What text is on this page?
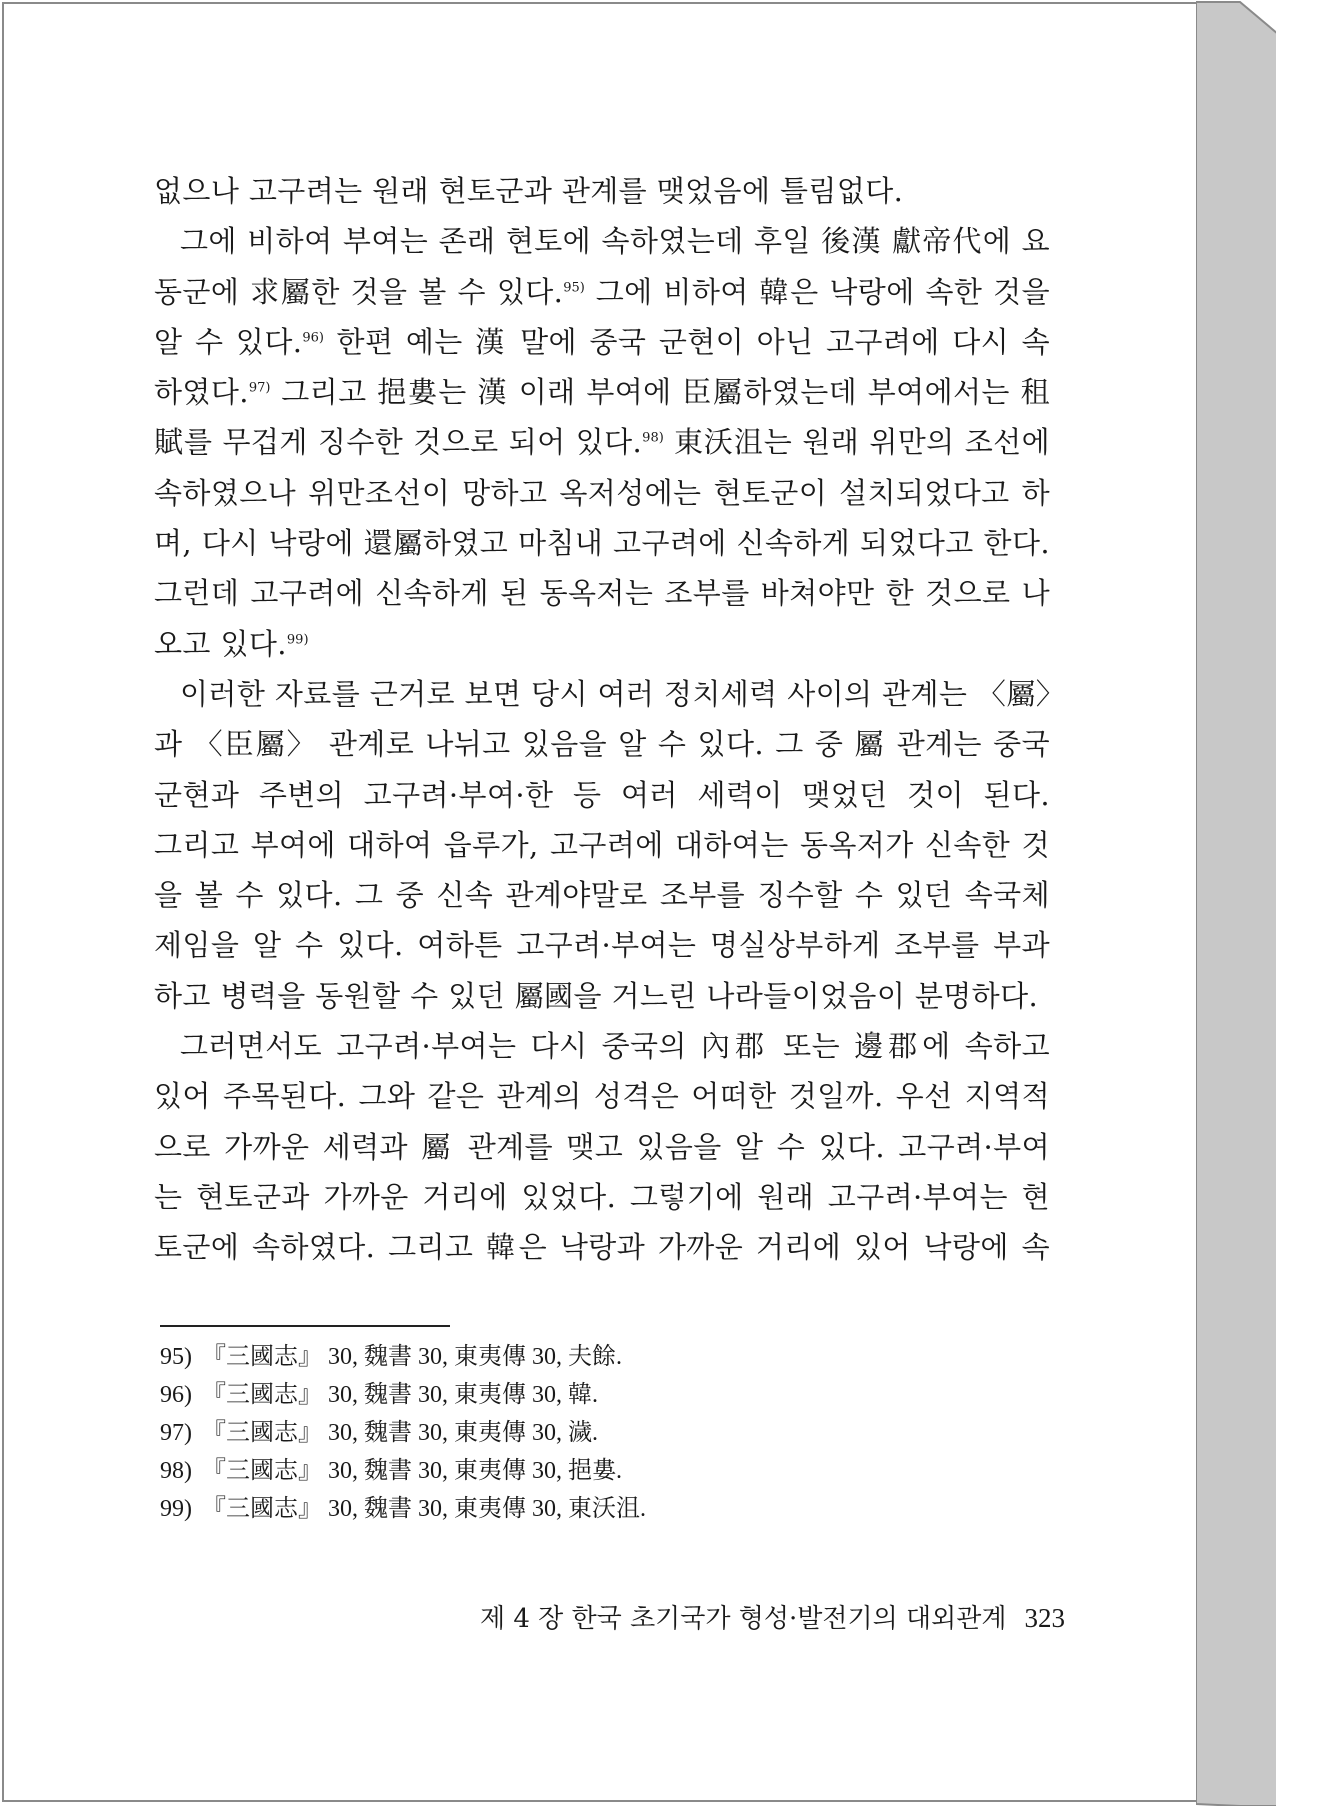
없으나 고구려는 원래 현토군과 관계를 맺었음에 틀림없다.
그에 비하여 부여는 존래 현토에 속하였는데 후일 後漢 獻帝代에 요
동군에 求屬한 것을 볼 수 있다.$^{95)}$ 그에 비하여 韓은 낙랑에 속한 것을
알 수 있다.$^{96)}$ 한편 예는 漢 말에 중국 군현이 아닌 고구려에 다시 속
하였다.$^{97)}$ 그리고 挹婁는 漢 이래 부여에 臣屬하였는데 부여에서는 租
賦를 무겁게 징수한 것으로 되어 있다.$^{98)}$ 東沃沮는 원래 위만의 조선에
속하였으나 위만조선이 망하고 옥저성에는 현토군이 설치되었다고 하
며, 다시 낙랑에 還屬하였고 마침내 고구려에 신속하게 되었다고 한다.
그런데 고구려에 신속하게 된 동옥저는 조부를 바쳐야만 한 것으로 나
오고 있다.$^{99)}$
이러한 자료를 근거로 보면 당시 여러 정치세력 사이의 관계는 〈屬〉
과 〈臣屬〉 관계로 나뉘고 있음을 알 수 있다. 그 중 屬 관계는 중국
군현과 주변의 고구려·부여·한 등 여러 세력이 맺었던 것이 된다.
그리고 부여에 대하여 읍루가, 고구려에 대하여는 동옥저가 신속한 것
을 볼 수 있다. 그 중 신속 관계야말로 조부를 징수할 수 있던 속국체
제임을 알 수 있다. 여하튼 고구려·부여는 명실상부하게 조부를 부과
하고 병력을 동원할 수 있던 屬國을 거느린 나라들이었음이 분명하다.
그러면서도 고구려·부여는 다시 중국의 內郡 또는 邊郡에 속하고
있어 주목된다. 그와 같은 관계의 성격은 어떠한 것일까. 우선 지역적
으로 가까운 세력과 屬 관계를 맺고 있음을 알 수 있다. 고구려·부여
는 현토군과 가까운 거리에 있었다. 그렇기에 원래 고구려·부여는 현
토군에 속하였다. 그리고 韓은 낙랑과 가까운 거리에 있어 낙랑에 속
95) 『三國志』 30, 魏書 30, 東夷傳 30, 夫餘.
96) 『三國志』 30, 魏書 30, 東夷傳 30, 韓.
97) 『三國志』 30, 魏書 30, 東夷傳 30, 濊.
98) 『三國志』 30, 魏書 30, 東夷傳 30, 挹婁.
99) 『三國志』 30, 魏書 30, 東夷傳 30, 東沃沮.
제 4 장 한국 초기국가 형성·발전기의 대외관계 323
